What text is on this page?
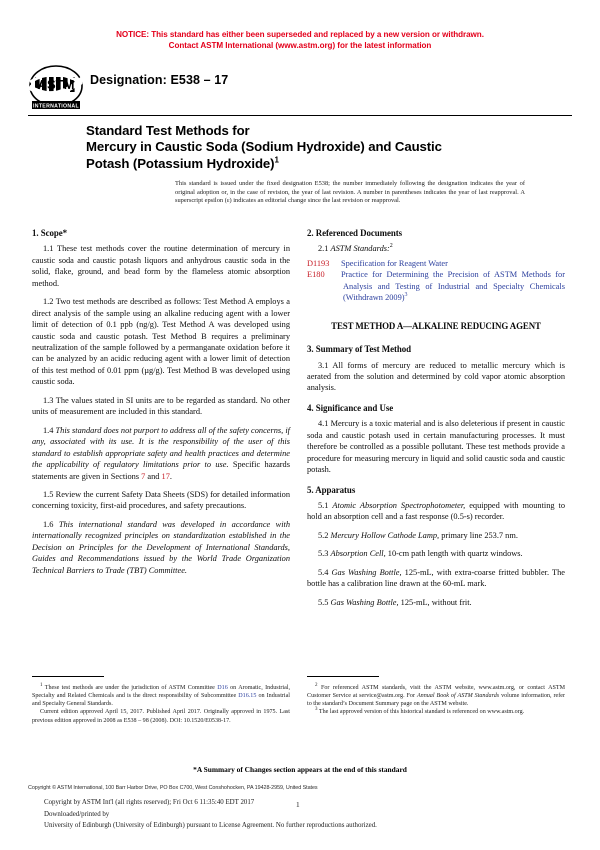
NOTICE: This standard has either been superseded and replaced by a new version or withdrawn.
Contact ASTM International (www.astm.org) for the latest information
ASTM
INTERNATIONAL
Designation: E538 – 17
Standard Test Methods for
Mercury in Caustic Soda (Sodium Hydroxide) and Caustic
Potash (Potassium Hydroxide)$^1$
This standard is issued under the fixed designation E538; the number immediately following the designation indicates the year of original adoption or, in the case of revision, the year of last revision. A number in parentheses indicates the year of last reapproval. A superscript epsilon (ε) indicates an editorial change since the last revision or reapproval.
1. Scope*

1.1 These test methods cover the routine determination of mercury in caustic soda and caustic potash liquors and anhydrous caustic soda in the solid, flake, ground, and bead form by the flameless atomic absorption method.

1.2 Two test methods are described as follows: Test Method A employs a direct analysis of the sample using an alkaline reducing agent with a lower limit of detection of 0.1 ppb (ng/g). Test Method A was developed using caustic soda and caustic potash. Test Method B requires a preliminary neutralization of the sample followed by a permanganate oxidation before it can be analyzed by an acidic reducing agent with a lower limit of detection of this test method of 0.01 ppm (µg/g). Test Method B was developed using caustic soda.

1.3 The values stated in SI units are to be regarded as standard. No other units of measurement are included in this standard.

1.4 This standard does not purport to address all of the safety concerns, if any, associated with its use. It is the responsibility of the user of this standard to establish appropriate safety and health practices and determine the applicability of regulatory limitations prior to use. Specific hazards statements are given in Sections 7 and 17.

1.5 Review the current Safety Data Sheets (SDS) for detailed information concerning toxicity, first-aid procedures, and safety precautions.

1.6 This international standard was developed in accordance with internationally recognized principles on standardization established in the Decision on Principles for the Development of International Standards, Guides and Recommendations issued by the World Trade Organization Technical Barriers to Trade (TBT) Committee.

2. Referenced Documents

2.1 ASTM Standards:$^2$

D1193 Specification for Reagent Water
E180 Practice for Determining the Precision of ASTM Methods for Analysis and Testing of Industrial and Specialty Chemicals (Withdrawn 2009)$^3$
TEST METHOD A—ALKALINE REDUCING AGENT
3. Summary of Test Method

3.1 All forms of mercury are reduced to metallic mercury which is aerated from the solution and determined by cold vapor atomic absorption analysis.

4. Significance and Use

4.1 Mercury is a toxic material and is also deleterious if present in caustic soda and caustic potash used in certain manufacturing processes. It must therefore be controlled as a possible pollutant. These test methods provide a procedure for measuring mercury in liquid and solid caustic soda and caustic potash.

5. Apparatus

5.1 Atomic Absorption Spectrophotometer, equipped with mounting to hold an absorption cell and a fast response (0.5-s) recorder.

5.2 Mercury Hollow Cathode Lamp, primary line 253.7 nm.

5.3 Absorption Cell, 10-cm path length with quartz windows.

5.4 Gas Washing Bottle, 125-mL, with extra-coarse fritted bubbler. The bottle has a calibration line drawn at the 60-mL mark.

5.5 Gas Washing Bottle, 125-mL, without frit.

$^1$ These test methods are under the jurisdiction of ASTM Committee D16 on Aromatic, Industrial, Specialty and Related Chemicals and is the direct responsibility of Subcommittee D16.15 on Industrial and Specialty General Standards.

Current edition approved April 15, 2017. Published April 2017. Originally approved in 1975. Last previous edition approved in 2008 as E538 – 98 (2008). DOI: 10.1520/E0538-17.

$^2$ For referenced ASTM standards, visit the ASTM website, www.astm.org, or contact ASTM Customer Service at service@astm.org. For Annual Book of ASTM Standards volume information, refer to the standard’s Document Summary page on the ASTM website.

$^3$ The last approved version of this historical standard is referenced on www.astm.org.

*A Summary of Changes section appears at the end of this standard
Copyright © ASTM International, 100 Barr Harbor Drive, PO Box C700, West Conshohocken, PA 19428-2959, United States
Copyright by ASTM Int'l (all rights reserved); Fri Oct 6 11:35:40 EDT 2017
Downloaded/printed by
University of Edinburgh (University of Edinburgh) pursuant to License Agreement. No further reproductions authorized.
1
